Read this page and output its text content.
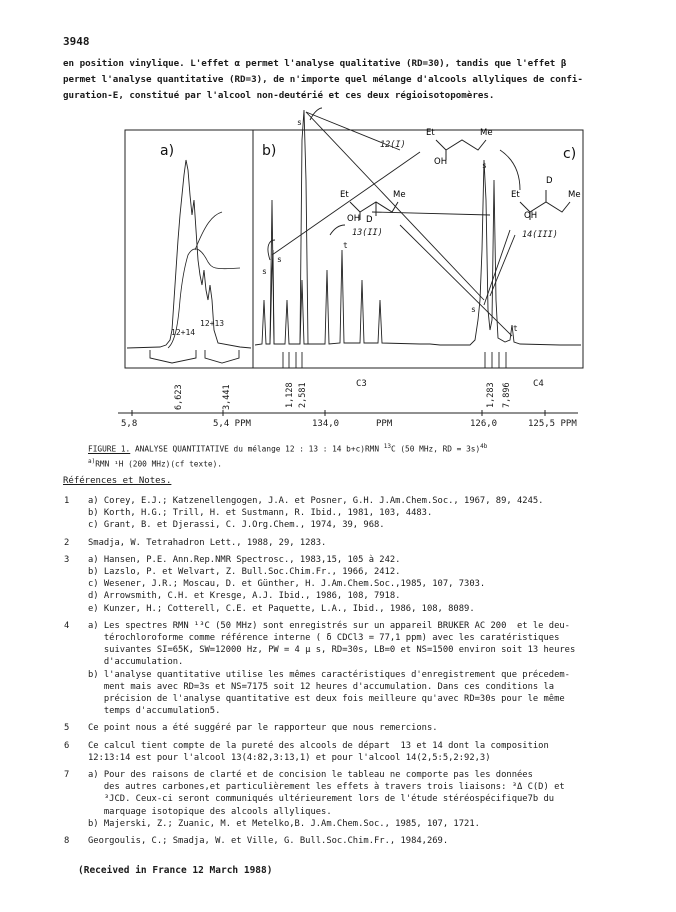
3948

en position vinylique. L'effet α permet l'analyse qualitative (RD=30), tandis que l'effet β

permet l'analyse quantitative (RD=3), de n'importe quel mélange d'alcools allyliques de confi-

guration-E, constitué par l'alcool non-deutérié et ces deux régioisotopomères.

a)	b)	c)
12+14
12+13
Et	Me
OH
Et	Me
OH D
Et	Me
OH
D
12(I)
13(II)	14(III)
s
s
s
s
s
t
t
6,623	3,441	1,128 2,581	1,283 7,896
C3	C4
5,8	5,4 PPM	134,0	PPM	126,0	125,5 PPM
FIGURE 1. ANALYSE QUANTITATIVE du mélange 12 : 13 : 14 b+c)RMN $^{13}$C (50 MHz, RD = 3s)$^{4b}$
$^{a)}$RMN ¹H (200 MHz)(cf texte).
Références et Notes.
1	a) Corey, E.J.; Katzenellengogen, J.A. et Posner, G.H. J.Am.Chem.Soc., 1967, 89, 4245.
b) Korth, H.G.; Trill, H. et Sustmann, R. Ibid., 1981, 103, 4483.
c) Grant, B. et Djerassi, C. J.Org.Chem., 1974, 39, 968.
2	Smadja, W. Tetrahadron Lett., 1988, 29, 1283.
3	a) Hansen, P.E. Ann.Rep.NMR Spectrosc., 1983,15, 105 à 242.
b) Lazslo, P. et Welvart, Z. Bull.Soc.Chim.Fr., 1966, 2412.
c) Wesener, J.R.; Moscau, D. et Günther, H. J.Am.Chem.Soc.,1985, 107, 7303.
d) Arrowsmith, C.H. et Kresge, A.J. Ibid., 1986, 108, 7918.
e) Kunzer, H.; Cotterell, C.E. et Paquette, L.A., Ibid., 1986, 108, 8089.
4	a) Les spectres RMN ¹³C (50 MHz) sont enregistrés sur un appareil BRUKER AC 200  et le deu-
térochloroforme comme référence interne ( δ CDCl3 = 77,1 ppm) avec les caratéristiques
suivantes SI=65K, SW=12000 Hz, PW = 4 µ s, RD=30s, LB=0 et NS=1500 environ soit 13 heures
d'accumulation.
b) l'analyse quantitative utilise les mêmes caractéristiques d'enregistrement que précedem-
ment mais avec RD=3s et NS=7175 soit 12 heures d'accumulation. Dans ces conditions la
précision de l'analyse quantitative est deux fois meilleure qu'avec RD=30s pour le même
temps d'accumulation5.
5	Ce point nous a été suggéré par le rapporteur que nous remercions.
6	Ce calcul tient compte de la pureté des alcools de départ  13 et 14 dont la composition
12:13:14 est pour l'alcool 13(4:82,3:13,1) et pour l'alcool 14(2,5:5,2:92,3)
7	a) Pour des raisons de clarté et de concision le tableau ne comporte pas les données
des autres carbones,et particulièrement les effets à travers trois liaisons: ³Δ C(D) et
³JCD. Ceux-ci seront communiqués ultérieurement lors de l'étude stéréospécifique7b du
marquage isotopique des alcools allyliques.
b) Majerski, Z.; Zuanic, M. et Metelko,B. J.Am.Chem.Soc., 1985, 107, 1721.
8	Georgoulis, C.; Smadja, W. et Ville, G. Bull.Soc.Chim.Fr., 1984,269.
(Received in France 12 March 1988)
